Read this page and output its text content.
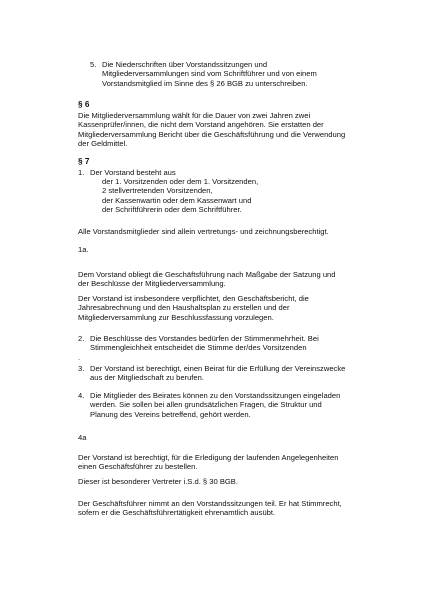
5. Die Niederschriften über Vorstandssitzungen und
Mitgliederversammlungen sind vom Schriftführer und von einem
Vorstandsmitglied im Sinne des § 26 BGB zu unterschreiben.
§ 6
Die Mitgliederversammlung wählt für die Dauer von zwei Jahren zwei
Kassenprüfer/innen, die nicht dem Vorstand angehören. Sie erstatten der
Mitgliederversammlung Bericht über die Geschäftsführung und die Verwendung
der Geldmittel.
§ 7
1. Der Vorstand besteht aus
der 1. Vorsitzenden oder dem 1. Vorsitzenden,
2 stellvertretenden Vorsitzenden,
der Kassenwartin oder dem Kassenwart und
der Schriftführerin oder dem Schriftführer.
Alle Vorstandsmitglieder sind allein vertretungs- und zeichnungsberechtigt.
1a.
Dem Vorstand obliegt die Geschäftsführung nach Maßgabe der Satzung und
der Beschlüsse der Mitgliederversammlung.
Der Vorstand ist insbesondere verpflichtet, den Geschäftsbericht, die
Jahresabrechnung und den Haushaltsplan zu erstellen und der
Mitgliederversammlung zur Beschlussfassung vorzulegen.
2. Die Beschlüsse des Vorstandes bedürfen der Stimmenmehrheit. Bei
Stimmengleichheit entscheidet die Stimme der/des Vorsitzenden
.
3. Der Vorstand ist berechtigt, einen Beirat für die Erfüllung der Vereinszwecke
aus der Mitgliedschaft zu berufen.
4. Die Mitglieder des Beirates können zu den Vorstandssitzungen eingeladen
werden. Sie sollen bei allen grundsätzlichen Fragen, die Struktur und
Planung des Vereins betreffend, gehört werden.
4a
Der Vorstand ist berechtigt, für die Erledigung der laufenden Angelegenheiten
einen Geschäftsführer zu bestellen.
Dieser ist besonderer Vertreter i.S.d. § 30 BGB.
Der Geschäftsführer nimmt an den Vorstandssitzungen teil. Er hat Stimmrecht,
sofern er die Geschäftsführertätigkeit ehrenamtlich ausübt.
